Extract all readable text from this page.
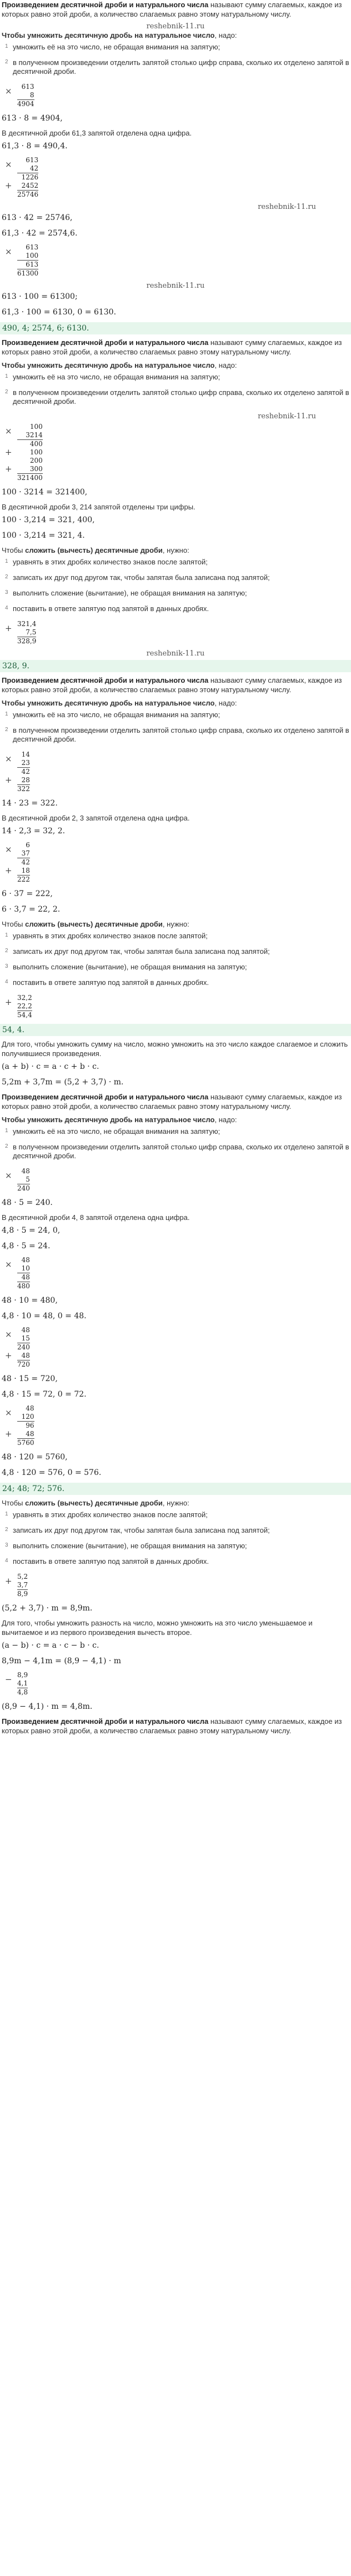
Произведением десятичной дроби и натурального числа называют сумму слагаемых, каждое из которых равно этой дроби, а количество слагаемых равно этому натуральному числу.
reshebnik-11.ru
Чтобы умножить десятичную дробь на натуральное число, надо:
1 умножить её на это число, не обращая внимания на запятую;
2 в полученном произведении отделить запятой столько цифр справа, сколько их отделено запятой в десятичной дроби.
×	613
8
4904
613 · 8 = 4904,
В десятичной дроби 61,3 запятой отделена одна цифра.
61,3 · 8 = 490,4.
×	613
42
1226
+	2452
25746
reshebnik-11.ru
613 · 42 = 25746,
61,3 · 42 = 2574,6.
×	613
100
613
61300
reshebnik-11.ru
613 · 100 = 61300;
61,3 · 100 = 6130, 0 = 6130.
490, 4; 2574, 6; 6130.
Произведением десятичной дроби и натурального числа называют сумму слагаемых, каждое из которых равно этой дроби, а количество слагаемых равно этому натуральному числу.
Чтобы умножить десятичную дробь на натуральное число, надо:
1 умножить её на это число, не обращая внимания на запятую;
2 в полученном произведении отделить запятой столько цифр справа, сколько их отделено запятой в десятичной дроби.
reshebnik-11.ru
×	100
3214
400
+	100
200
+	300
321400
100 · 3214 = 321400,
В десятичной дроби 3, 214 запятой отделены три цифры.
100 · 3,214 = 321, 400,
100 · 3,214 = 321, 4.
Чтобы сложить (вычесть) десятичные дроби, нужно:
1 уравнять в этих дробях количество знаков после запятой;
2 записать их друг под другом так, чтобы запятая была записана под запятой;
3 выполнить сложение (вычитание), не обращая внимания на запятую;
4 поставить в ответе запятую под запятой в данных дробях.
+ 321,4
7,5
328,9
reshebnik-11.ru
328, 9.
Произведением десятичной дроби и натурального числа называют сумму слагаемых, каждое из которых равно этой дроби, а количество слагаемых равно этому натуральному числу.
Чтобы умножить десятичную дробь на натуральное число, надо:
1 умножить её на это число, не обращая внимания на запятую;
2 в полученном произведении отделить запятой столько цифр справа, сколько их отделено запятой в десятичной дроби.
×	14
23
42
+	28
322
14 · 23 = 322.
В десятичной дроби 2, 3 запятой отделена одна цифра.
14 · 2,3 = 32, 2.
×	6
37
42
+	18
222
6 · 37 = 222,
6 · 3,7 = 22, 2.
Чтобы сложить (вычесть) десятичные дроби, нужно:
1 уравнять в этих дробях количество знаков после запятой;
2 записать их друг под другом так, чтобы запятая была записана под запятой;
3 выполнить сложение (вычитание), не обращая внимания на запятую;
4 поставить в ответе запятую под запятой в данных дробях.
+ 32,2
22,2
54,4
54, 4.
Для того, чтобы умножить сумму на число, можно умножить на это число каждое слагаемое и сложить получившиеся произведения.
(a + b) · c = a · c + b · c.
5,2m + 3,7m = (5,2 + 3,7) · m.
Произведением десятичной дроби и натурального числа называют сумму слагаемых, каждое из которых равно этой дроби, а количество слагаемых равно этому натуральному числу.
Чтобы умножить десятичную дробь на натуральное число, надо:
1 умножить её на это число, не обращая внимания на запятую;
2 в полученном произведении отделить запятой столько цифр справа, сколько их отделено запятой в десятичной дроби.
×	48
5
240
48 · 5 = 240.
В десятичной дроби 4, 8 запятой отделена одна цифра.
4,8 · 5 = 24, 0,
4,8 · 5 = 24.
×	48
10
48
480
48 · 10 = 480,
4,8 · 10 = 48, 0 = 48.
×	48
15
240
+	48
720
48 · 15 = 720,
4,8 · 15 = 72, 0 = 72.
×	48
120
96
+	48
5760
48 · 120 = 5760,
4,8 · 120 = 576, 0 = 576.
24; 48; 72; 576.
Чтобы сложить (вычесть) десятичные дроби, нужно:
1 уравнять в этих дробях количество знаков после запятой;
2 записать их друг под другом так, чтобы запятая была записана под запятой;
3 выполнить сложение (вычитание), не обращая внимания на запятую;
4 поставить в ответе запятую под запятой в данных дробях.
+ 5,2
3,7
8,9
(5,2 + 3,7) · m = 8,9m.
Для того, чтобы умножить разность на число, можно умножить на это число уменьшаемое и вычитаемое и из первого произведения вычесть второе.
(a − b) · c = a · c − b · c.
8,9m − 4,1m = (8,9 − 4,1) · m
− 8,9
4,1
4,8
(8,9 − 4,1) · m = 4,8m.
Произведением десятичной дроби и натурального числа называют сумму слагаемых, каждое из которых равно этой дроби, а количество слагаемых равно этому натуральному числу.
